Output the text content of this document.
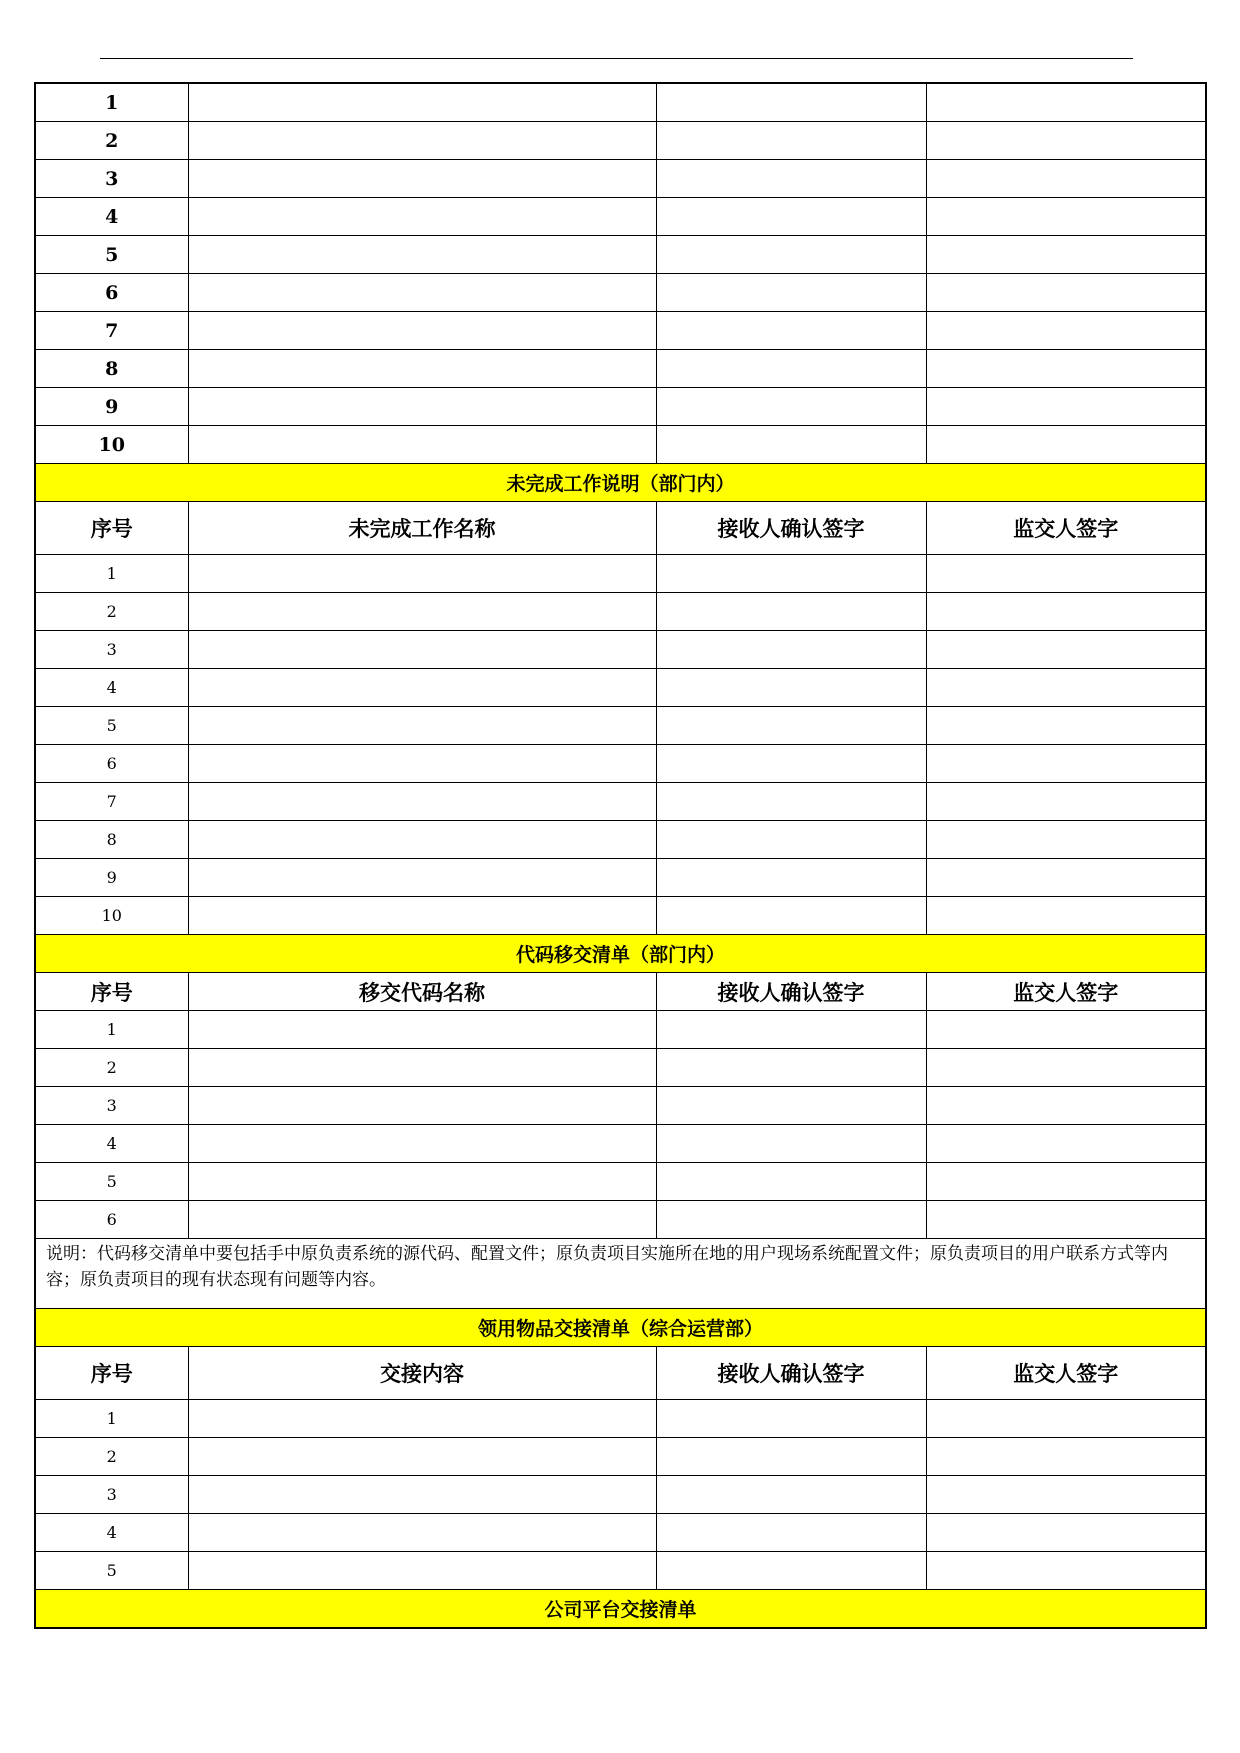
1			
2			
3			
4			
5			
6			
7			
8			
9			
10			
未完成工作说明（部门内）			
序号	未完成工作名称	接收人确认签字	监交人签字
1			
2			
3			
4			
5			
6			
7			
8			
9			
10			
代码移交清单（部门内）			
序号	移交代码名称	接收人确认签字	监交人签字
1			
2			
3			
4			
5			
6			
说明：代码移交清单中要包括手中原负责系统的源代码、配置文件；原负责项目实施所在地的用户现场系统配置文件；原负责项目的用户联系方式等内容；原负责项目的现有状态现有问题等内容。			
领用物品交接清单（综合运营部）			
序号	交接内容	接收人确认签字	监交人签字
1			
2			
3			
4			
5			
公司平台交接清单			
